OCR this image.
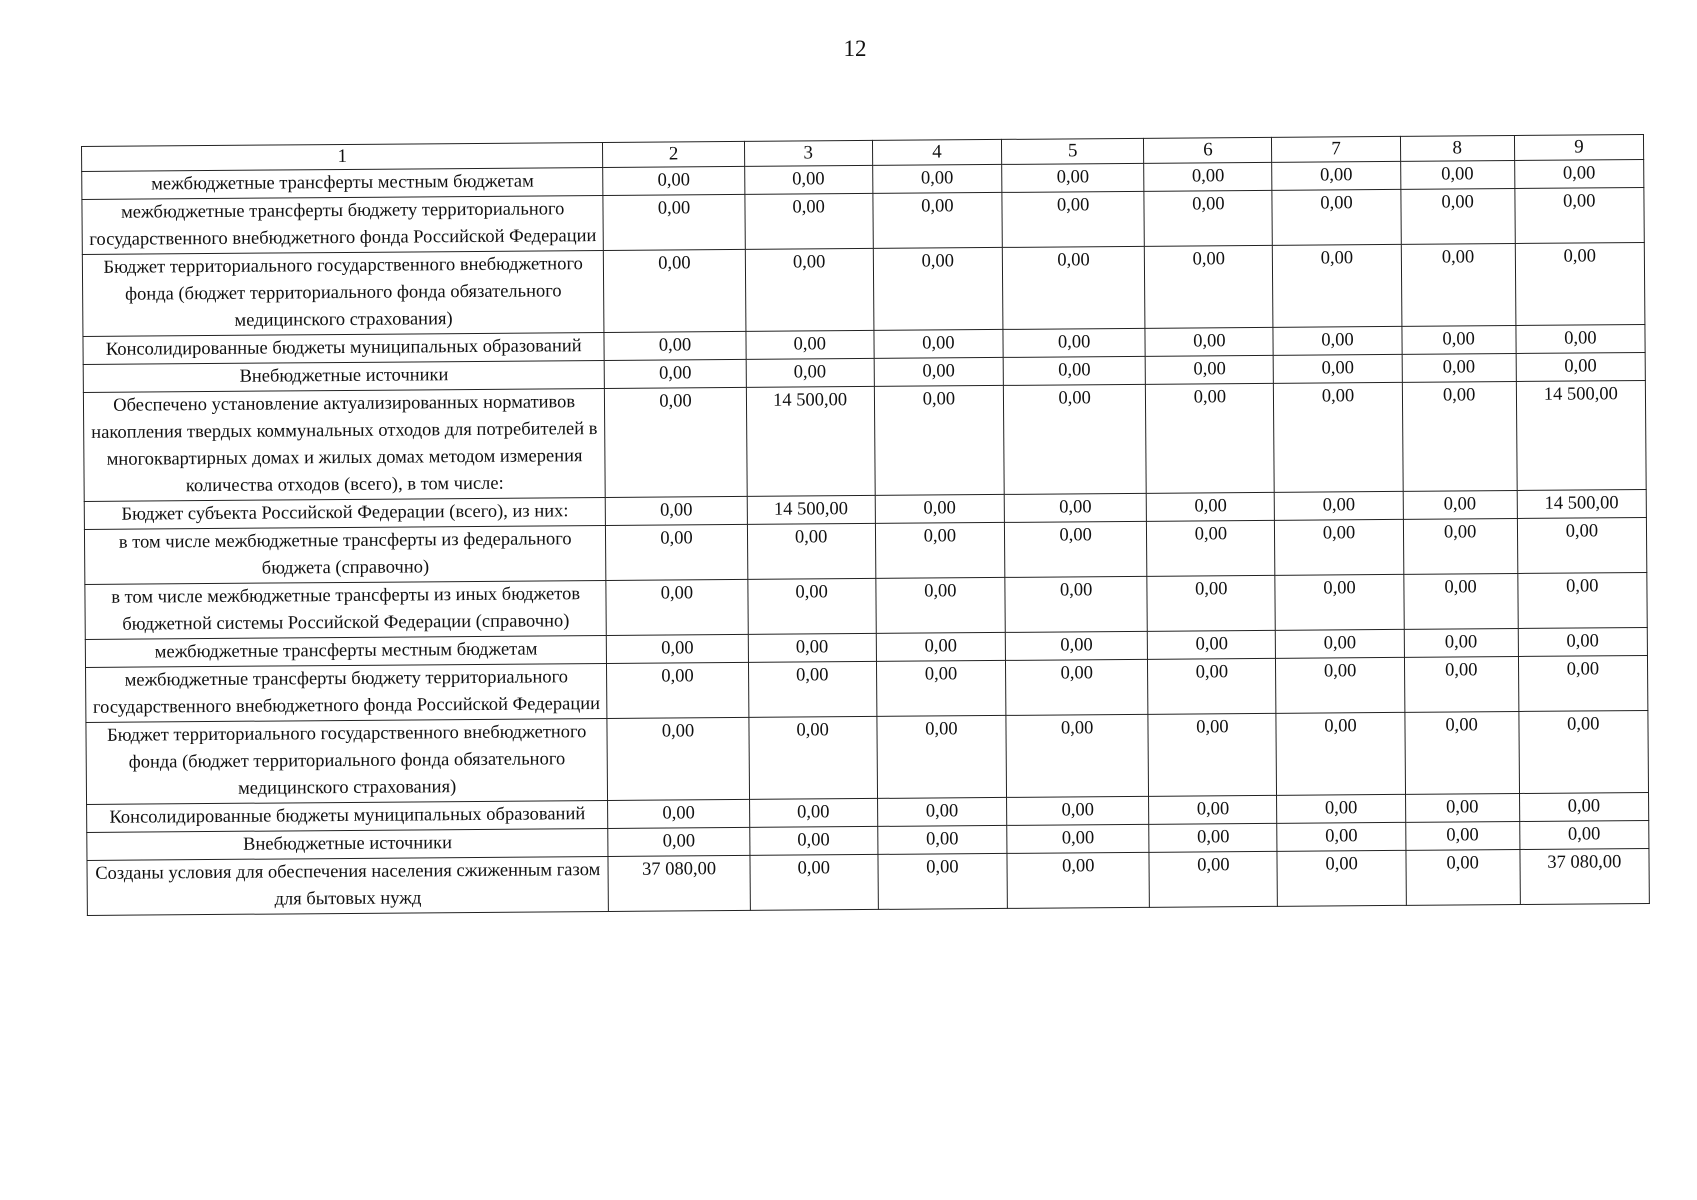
12
1	2	3	4	5	6	7	8	9
межбюджетные трансферты местным бюджетам	0,00	0,00	0,00	0,00	0,00	0,00	0,00	0,00
межбюджетные трансферты бюджету территориального государственного внебюджетного фонда Российской Федерации	0,00	0,00	0,00	0,00	0,00	0,00	0,00	0,00
Бюджет территориального государственного внебюджетного фонда (бюджет территориального фонда обязательного медицинского страхования)	0,00	0,00	0,00	0,00	0,00	0,00	0,00	0,00
Консолидированные бюджеты муниципальных образований	0,00	0,00	0,00	0,00	0,00	0,00	0,00	0,00
Внебюджетные источники	0,00	0,00	0,00	0,00	0,00	0,00	0,00	0,00
Обеспечено установление актуализированных нормативов накопления твердых коммунальных отходов для потребителей в многоквартирных домах и жилых домах методом измерения количества отходов (всего), в том числе:	0,00	14 500,00	0,00	0,00	0,00	0,00	0,00	14 500,00
Бюджет субъекта Российской Федерации (всего), из них:	0,00	14 500,00	0,00	0,00	0,00	0,00	0,00	14 500,00
в том числе межбюджетные трансферты из федерального бюджета (справочно)	0,00	0,00	0,00	0,00	0,00	0,00	0,00	0,00
в том числе межбюджетные трансферты из иных бюджетов бюджетной системы Российской Федерации (справочно)	0,00	0,00	0,00	0,00	0,00	0,00	0,00	0,00
межбюджетные трансферты местным бюджетам	0,00	0,00	0,00	0,00	0,00	0,00	0,00	0,00
межбюджетные трансферты бюджету территориального государственного внебюджетного фонда Российской Федерации	0,00	0,00	0,00	0,00	0,00	0,00	0,00	0,00
Бюджет территориального государственного внебюджетного фонда (бюджет территориального фонда обязательного медицинского страхования)	0,00	0,00	0,00	0,00	0,00	0,00	0,00	0,00
Консолидированные бюджеты муниципальных образований	0,00	0,00	0,00	0,00	0,00	0,00	0,00	0,00
Внебюджетные источники	0,00	0,00	0,00	0,00	0,00	0,00	0,00	0,00
Созданы условия для обеспечения населения сжиженным газом для бытовых нужд	37 080,00	0,00	0,00	0,00	0,00	0,00	0,00	37 080,00
